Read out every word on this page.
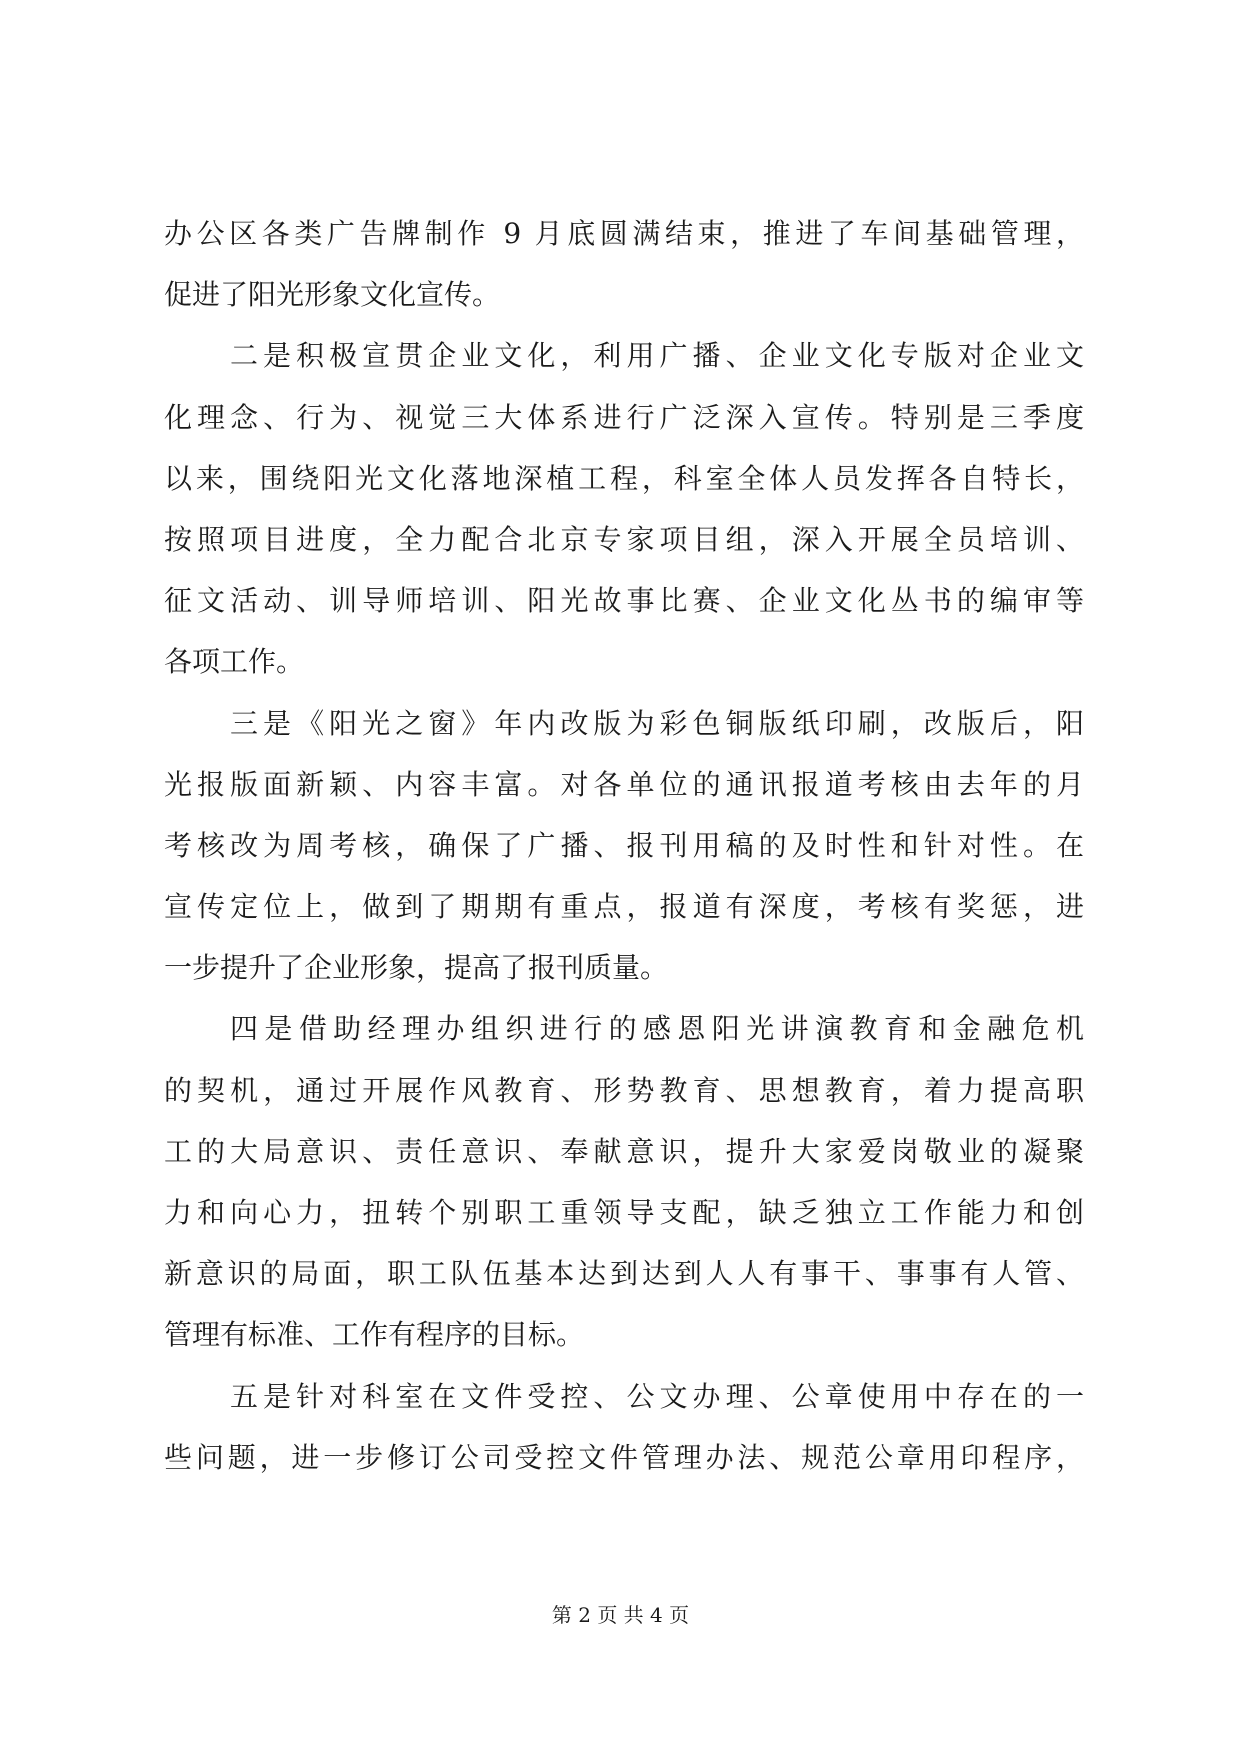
办公区各类广告牌制作 9 月底圆满结束，推进了车间基础管理，
促进了阳光形象文化宣传。
二是积极宣贯企业文化，利用广播、企业文化专版对企业文
化理念、行为、视觉三大体系进行广泛深入宣传。特别是三季度
以来，围绕阳光文化落地深植工程，科室全体人员发挥各自特长，
按照项目进度，全力配合北京专家项目组，深入开展全员培训、
征文活动、训导师培训、阳光故事比赛、企业文化丛书的编审等
各项工作。
三是《阳光之窗》年内改版为彩色铜版纸印刷，改版后，阳
光报版面新颖、内容丰富。对各单位的通讯报道考核由去年的月
考核改为周考核，确保了广播、报刊用稿的及时性和针对性。在
宣传定位上，做到了期期有重点，报道有深度，考核有奖惩，进
一步提升了企业形象，提高了报刊质量。
四是借助经理办组织进行的感恩阳光讲演教育和金融危机
的契机，通过开展作风教育、形势教育、思想教育，着力提高职
工的大局意识、责任意识、奉献意识，提升大家爱岗敬业的凝聚
力和向心力，扭转个别职工重领导支配，缺乏独立工作能力和创
新意识的局面，职工队伍基本达到达到人人有事干、事事有人管、
管理有标准、工作有程序的目标。
五是针对科室在文件受控、公文办理、公章使用中存在的一
些问题，进一步修订公司受控文件管理办法、规范公章用印程序，
第 2 页 共 4 页
